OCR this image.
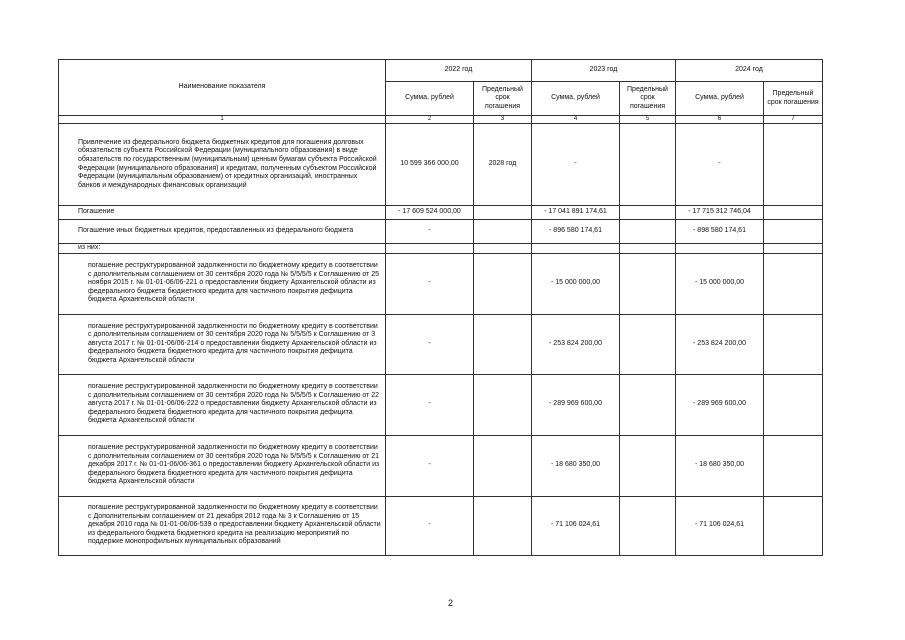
Наименование показателя	2022 год		2023 год		2024 год	
	Сумма, рублей	Предельный срок погашения	Сумма, рублей	Предельный срок погашения	Сумма, рублей	Предельный срок погашения
1	2	3	4	5	6	7
Привлечение из федерального бюджета бюджетных кредитов для погашения долговых обязательств субъекта Российской Федерации (муниципального образования) в виде обязательств по государственным (муниципальным) ценным бумагам субъекта Российской Федерации (муниципального образования) и кредитам, полученным субъектом Российской Федерации (муниципальным образованием) от кредитных организаций, иностранных банков и международных финансовых организаций	10 599 366 000,00	2028 год	-		-	
Погашение	- 17 609 524 000,00		- 17 041 891 174,61		- 17 715 312 746,04	
Погашение иных бюджетных кредитов, предоставленных из федерального бюджета	-		- 896 580 174,61		- 898 580 174,61	
из них:						
погашение реструктурированной задолженности по бюджетному кредиту в соответствии с дополнительным соглашением от 30 сентября 2020 года № 5/5/5/5 к Соглашению от 25 ноября 2015 г. № 01-01-06/06-221 о предоставлении бюджету Архангельской области из федерального бюджета бюджетного кредита для частичного покрытия дефицита бюджета Архангельской области	-		- 15 000 000,00		- 15 000 000,00	
погашение реструктурированной задолженности по бюджетному кредиту в соответствии с дополнительным соглашением от 30 сентября 2020 года № 5/5/5/5 к Соглашению от 3 августа 2017 г. № 01-01-06/06-214 о предоставлении бюджету Архангельской области из федерального бюджета бюджетного кредита для частичного покрытия дефицита бюджета Архангельской области	-		- 253 824 200,00		- 253 824 200,00	
погашение реструктурированной задолженности по бюджетному кредиту в соответствии с дополнительным соглашением от 30 сентября 2020 года № 5/5/5/5 к Соглашению от 22 августа 2017 г. № 01-01-06/06-222 о предоставлении бюджету Архангельской области из федерального бюджета бюджетного кредита для частичного покрытия дефицита бюджета Архангельской области	-		- 289 969 600,00		- 289 969 600,00	
погашение реструктурированной задолженности по бюджетному кредиту в соответствии с дополнительным соглашением от 30 сентября 2020 года № 5/5/5/5 к Соглашению от 21 декабря 2017 г. № 01-01-06/06-361 о предоставлении бюджету Архангельской области из федерального бюджета бюджетного кредита для частичного покрытия дефицита бюджета Архангельской области	-		- 18 680 350,00		- 18 680 350,00	
погашение реструктурированной задолженности по бюджетному кредиту в соответствии с Дополнительным соглашением от 21 декабря 2012 года № 3 к Соглашению от 15 декабря 2010 года № 01-01-06/06-539 о предоставлении бюджету Архангельской области из федерального бюджета бюджетного кредита на реализацию мероприятий по поддержке монопрофильных муниципальных образований	-		- 71 106 024,61		- 71 106 024,61	
2
